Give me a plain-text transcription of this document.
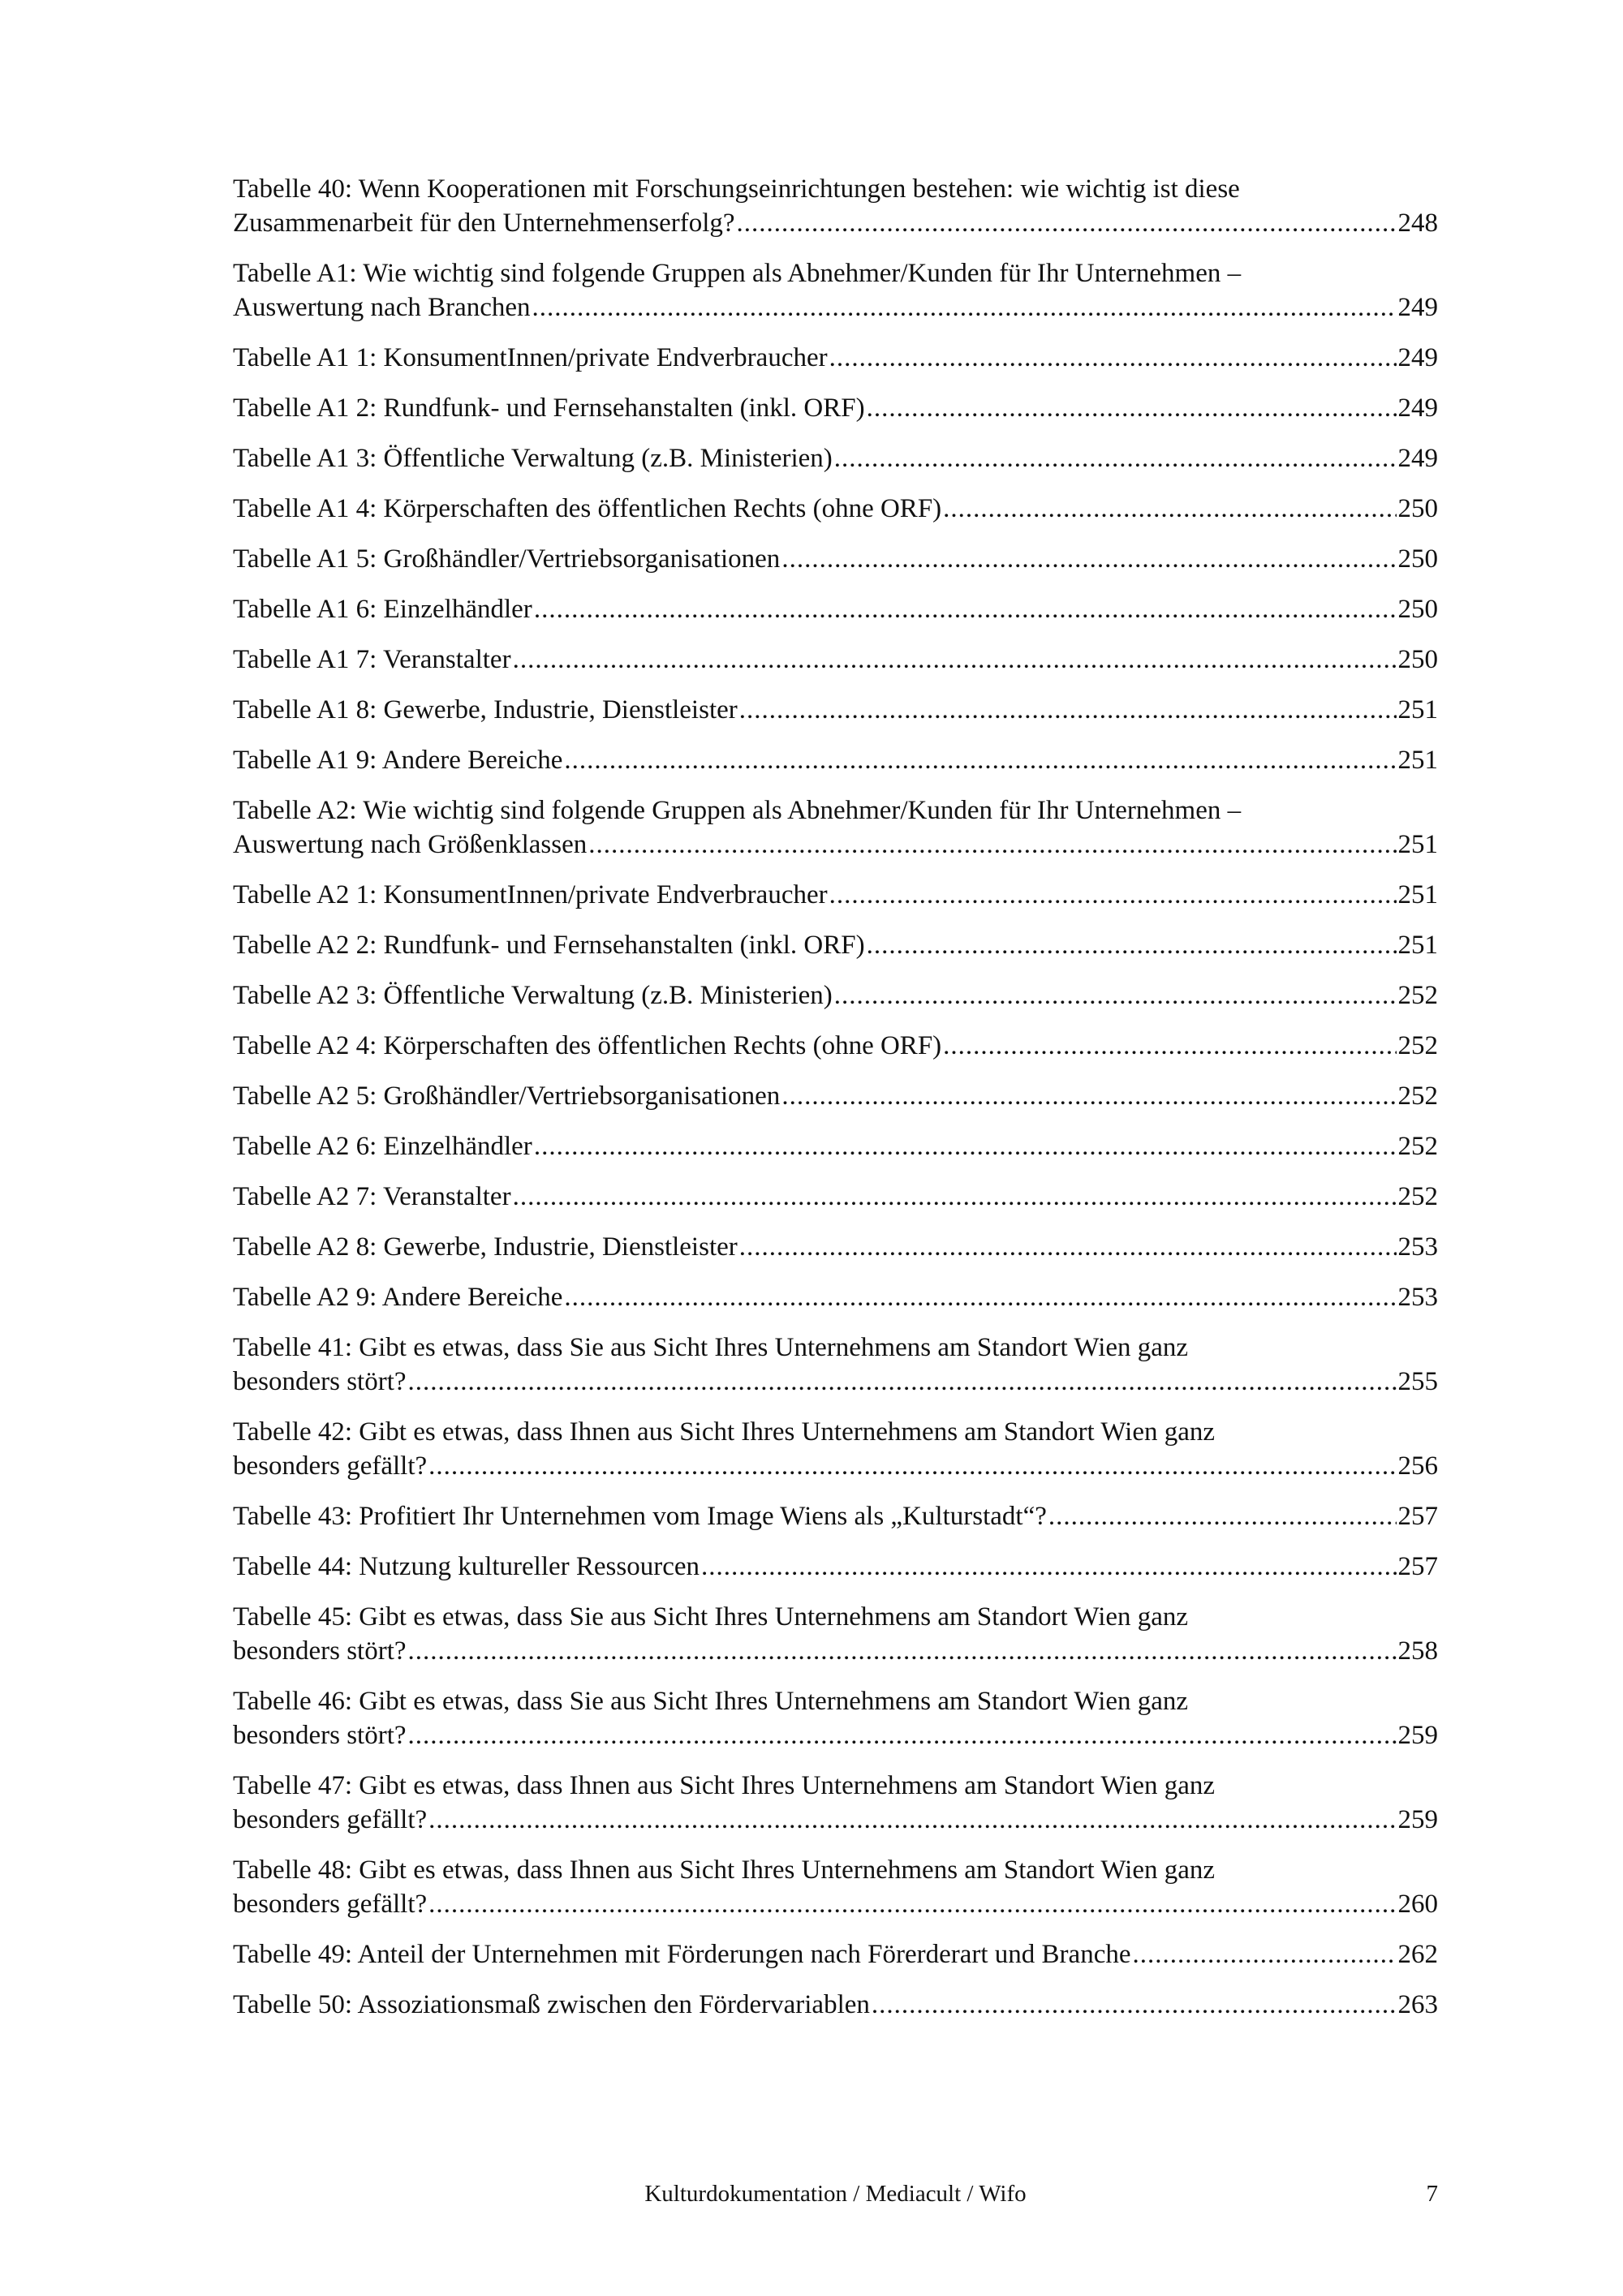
Tabelle 40: Wenn Kooperationen mit Forschungseinrichtungen bestehen: wie wichtig ist diese
Zusammenarbeit für den Unternehmenserfolg? .....	248
Tabelle A1: Wie wichtig sind folgende Gruppen als Abnehmer/Kunden für Ihr Unternehmen –
Auswertung nach Branchen .....	249
Tabelle A1 1: KonsumentInnen/private Endverbraucher .....	249
Tabelle A1 2: Rundfunk- und Fernsehanstalten (inkl. ORF) .....	249
Tabelle A1 3: Öffentliche Verwaltung (z.B. Ministerien) .....	249
Tabelle A1 4: Körperschaften des öffentlichen Rechts (ohne ORF) .....	250
Tabelle A1 5: Großhändler/Vertriebsorganisationen .....	250
Tabelle A1 6: Einzelhändler .....	250
Tabelle A1 7: Veranstalter .....	250
Tabelle A1 8: Gewerbe, Industrie, Dienstleister .....	251
Tabelle A1 9: Andere Bereiche .....	251
Tabelle A2: Wie wichtig sind folgende Gruppen als Abnehmer/Kunden für Ihr Unternehmen –
Auswertung nach Größenklassen .....	251
Tabelle A2 1: KonsumentInnen/private Endverbraucher .....	251
Tabelle A2 2: Rundfunk- und Fernsehanstalten (inkl. ORF) .....	251
Tabelle A2 3: Öffentliche Verwaltung (z.B. Ministerien) .....	252
Tabelle A2 4: Körperschaften des öffentlichen Rechts (ohne ORF) .....	252
Tabelle A2 5: Großhändler/Vertriebsorganisationen .....	252
Tabelle A2 6: Einzelhändler .....	252
Tabelle A2 7: Veranstalter .....	252
Tabelle A2 8: Gewerbe, Industrie, Dienstleister .....	253
Tabelle A2 9: Andere Bereiche .....	253
Tabelle 41: Gibt es etwas, dass Sie aus Sicht Ihres Unternehmens am Standort Wien ganz
besonders stört? .....	255
Tabelle 42: Gibt es etwas, dass Ihnen aus Sicht Ihres Unternehmens am Standort Wien ganz
besonders gefällt? .....	256
Tabelle 43: Profitiert Ihr Unternehmen vom Image Wiens als „Kulturstadt“? .....	257
Tabelle 44: Nutzung kultureller Ressourcen .....	257
Tabelle 45: Gibt es etwas, dass Sie aus Sicht Ihres Unternehmens am Standort Wien ganz
besonders stört? .....	258
Tabelle 46: Gibt es etwas, dass Sie aus Sicht Ihres Unternehmens am Standort Wien ganz
besonders stört? .....	259
Tabelle 47: Gibt es etwas, dass Ihnen aus Sicht Ihres Unternehmens am Standort Wien ganz
besonders gefällt? .....	259
Tabelle 48: Gibt es etwas, dass Ihnen aus Sicht Ihres Unternehmens am Standort Wien ganz
besonders gefällt? .....	260
Tabelle 49: Anteil der Unternehmen mit Förderungen nach Förerderart und Branche .....	262
Tabelle 50: Assoziationsmaß zwischen den Fördervariablen .....	263
Kulturdokumentation / Mediacult / Wifo	7
